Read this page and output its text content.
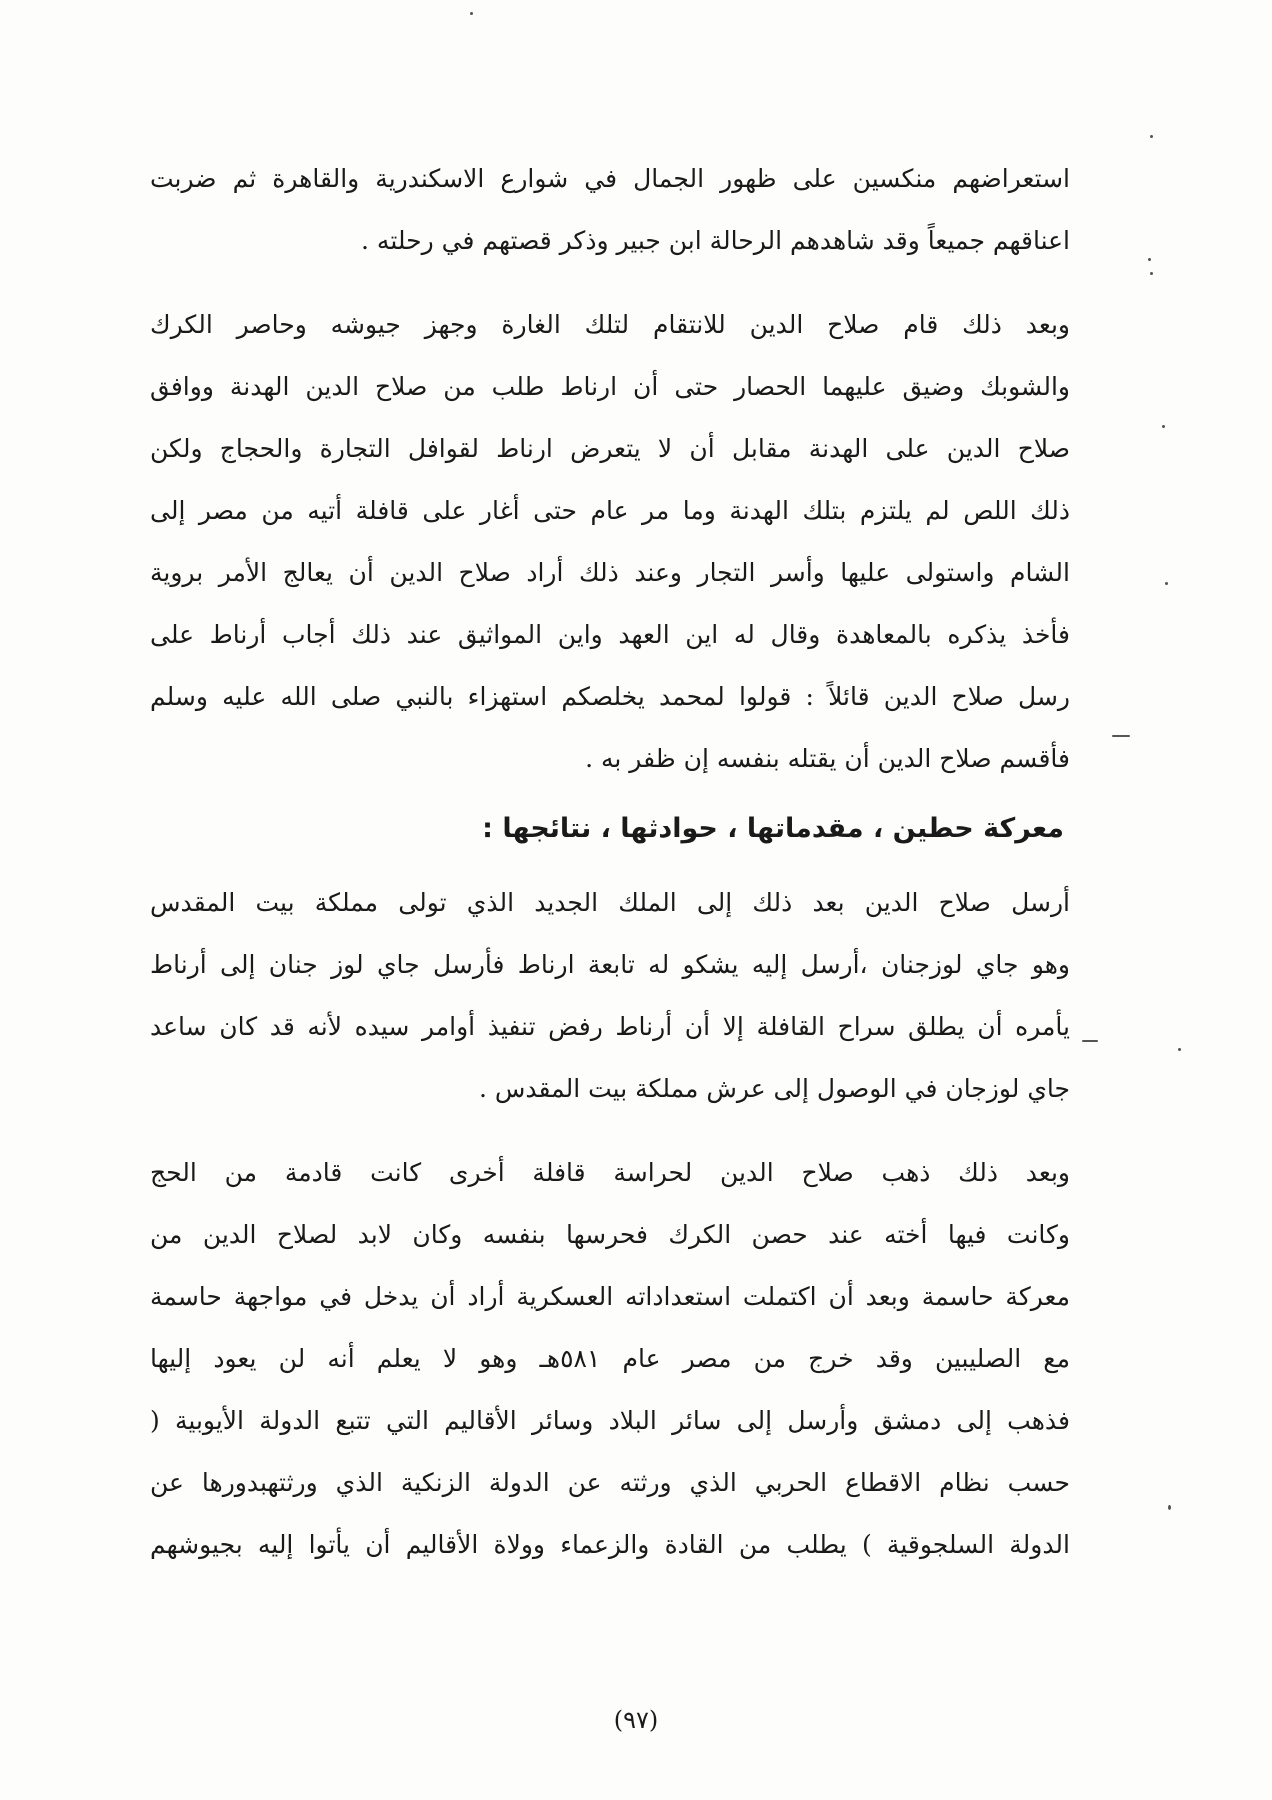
استعراضهم منكسين على ظهور الجمال في شوارع الاسكندرية والقاهرة ثم ضربت
اعناقهم جميعاً وقد شاهدهم الرحالة ابن جبير وذكر قصتهم في رحلته .
وبعد ذلك قام صلاح الدين للانتقام لتلك الغارة وجهز جيوشه وحاصر الكرك
والشوبك وضيق عليهما الحصار حتى أن ارناط طلب من صلاح الدين الهدنة ووافق
صلاح الدين على الهدنة مقابل أن لا يتعرض ارناط لقوافل التجارة والحجاج ولكن
ذلك اللص لم يلتزم بتلك الهدنة وما مر عام حتى أغار على قافلة أتيه من مصر إلى
الشام واستولى عليها وأسر التجار وعند ذلك أراد صلاح الدين أن يعالج الأمر بروية
فأخذ يذكره بالمعاهدة وقال له اين العهد واين المواثيق عند ذلك أجاب أرناط على
رسل صلاح الدين قائلاً : قولوا لمحمد يخلصكم استهزاء بالنبي صلى الله عليه وسلم
فأقسم صلاح الدين أن يقتله بنفسه إن ظفر به .
معركة حطين ، مقدماتها ، حوادثها ، نتائجها :
أرسل صلاح الدين بعد ذلك إلى الملك الجديد الذي تولى مملكة بيت المقدس
وهو جاي لوزجنان ،أرسل إليه يشكو له تابعة ارناط فأرسل جاي لوز جنان إلى أرناط
يأمره أن يطلق سراح القافلة إلا أن أرناط رفض تنفيذ أوامر سيده لأنه قد كان ساعد
جاي لوزجان في الوصول إلى عرش مملكة بيت المقدس .
وبعد ذلك ذهب صلاح الدين لحراسة قافلة أخرى كانت قادمة من الحج
وكانت فيها أخته عند حصن الكرك فحرسها بنفسه وكان لابد لصلاح الدين من
معركة حاسمة وبعد أن اكتملت استعداداته العسكرية أراد أن يدخل في مواجهة حاسمة
مع الصليبين وقد خرج من مصر عام ٥٨١هـ وهو لا يعلم أنه لن يعود إليها
فذهب إلى دمشق وأرسل إلى سائر البلاد وسائر الأقاليم التي تتبع الدولة الأيوبية (
حسب نظام الاقطاع الحربي الذي ورثته عن الدولة الزنكية الذي ورثتهبدورها عن
الدولة السلجوقية ) يطلب من القادة والزعماء وولاة الأقاليم أن يأتوا إليه بجيوشهم
(٩٧)
